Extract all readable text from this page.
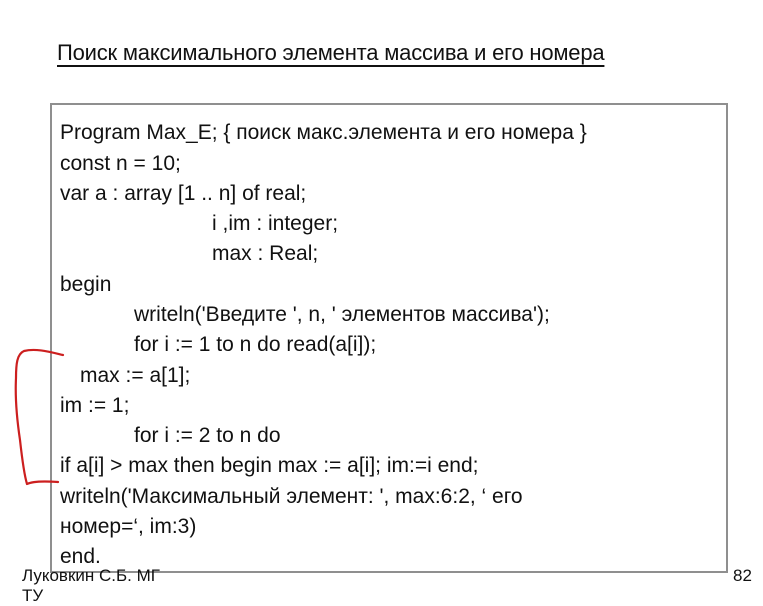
Поиск максимального элемента массива и его номера
Program Max_E; { поиск макс.элемента и его номера }
const n = 10;
var a : array [1 .. n] of real;
i ,im : integer;
max : Real;
begin
writeln('Введите ', n, ' элементов массива');
for i := 1 to n do read(a[i]);
max := a[1];
im := 1;
for i := 2 to n do
if a[i] > max then begin max := a[i]; im:=i end;
writeln('Максимальный элемент: ', max:6:2, ‘ его
номер=‘, im:3)
end.
Луковкин С.Б. МГ
ТУ
82
